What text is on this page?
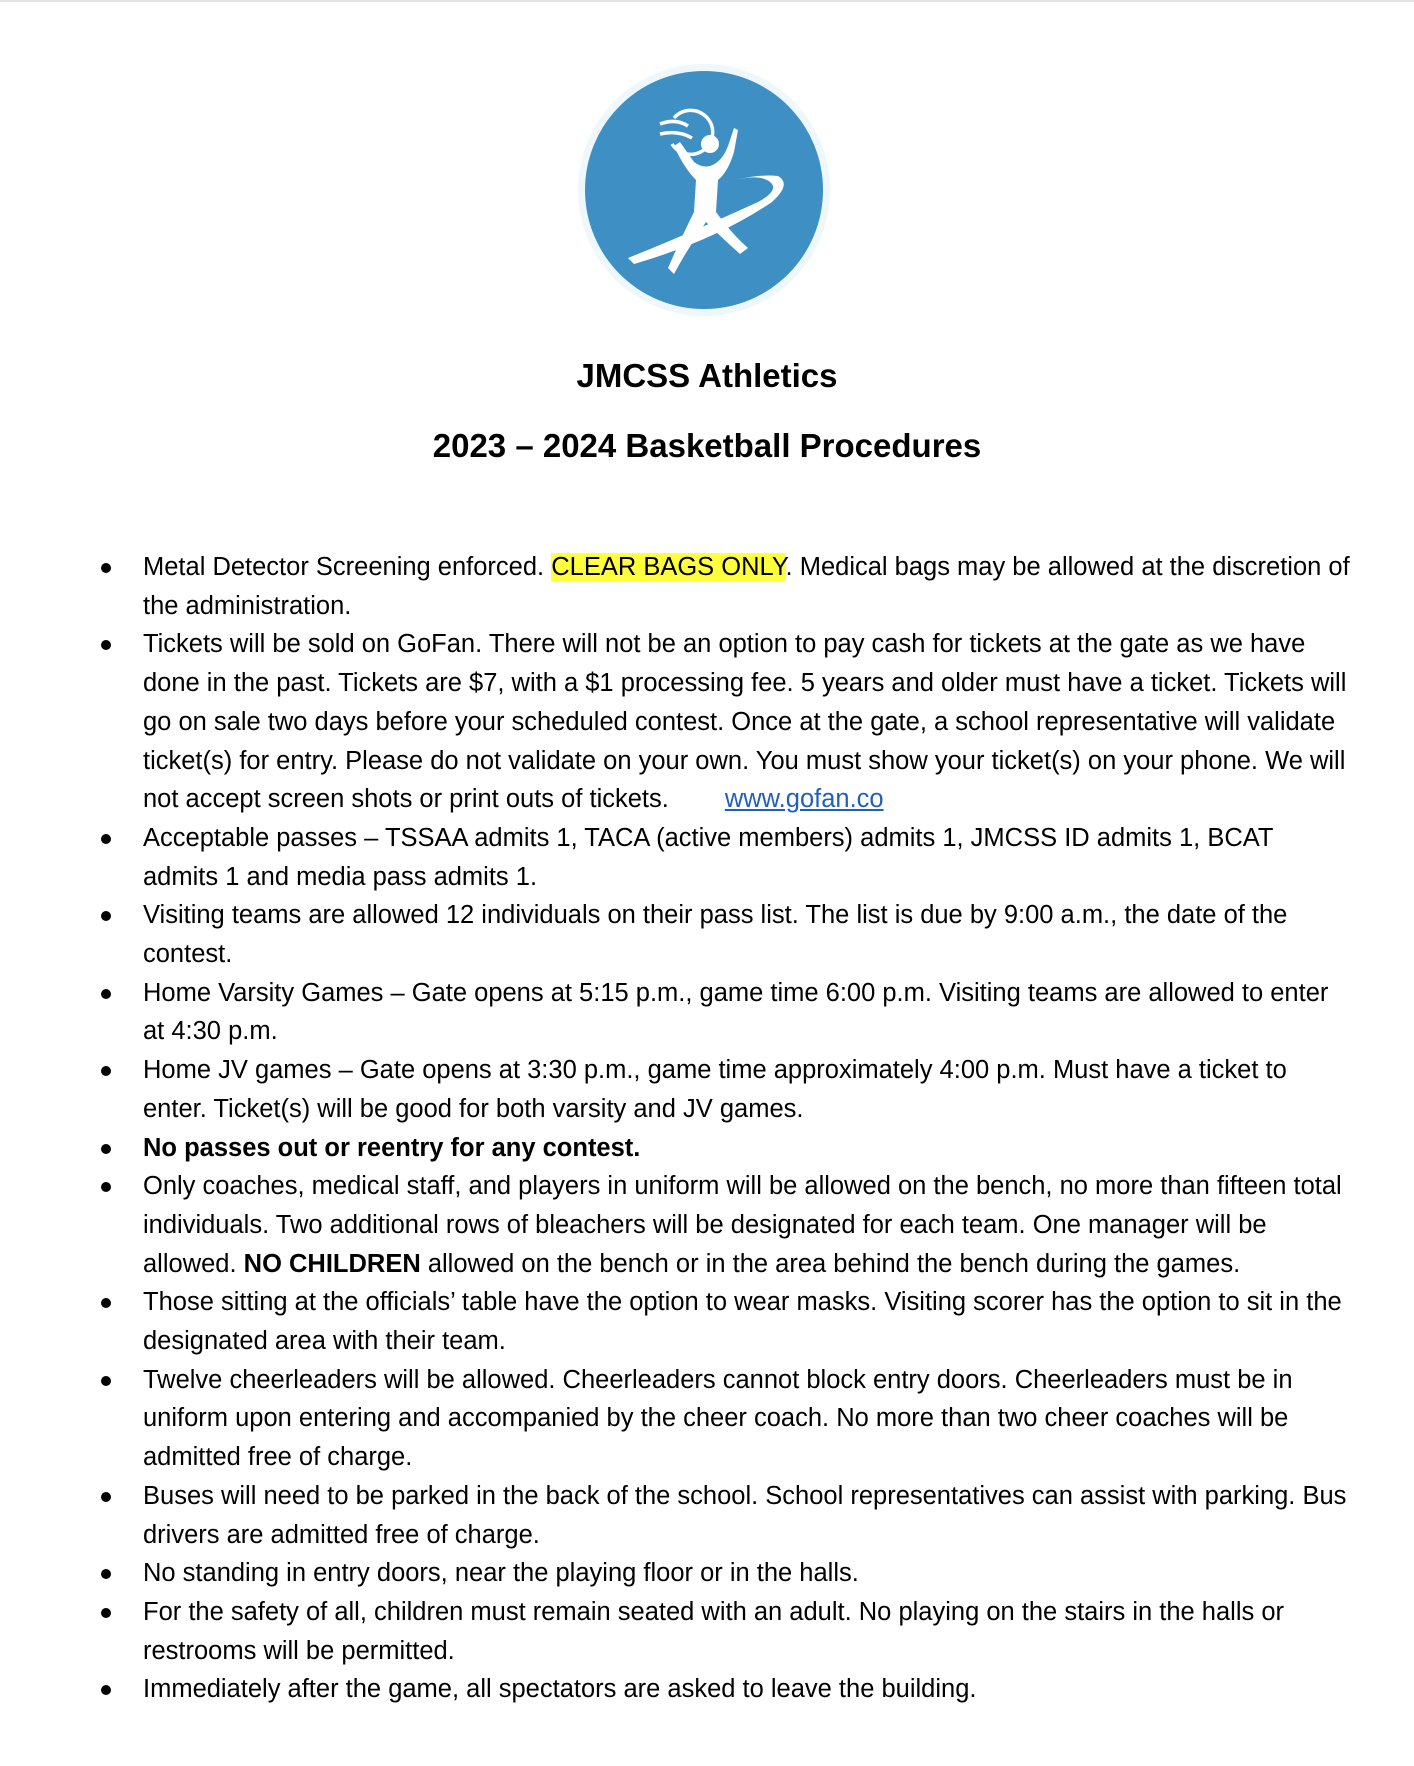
JMCSS Athletics
2023 – 2024 Basketball Procedures
Metal Detector Screening enforced. CLEAR BAGS ONLY. Medical bags may be allowed at the discretion of the administration.
Tickets will be sold on GoFan. There will not be an option to pay cash for tickets at the gate as we have done in the past. Tickets are $7, with a $1 processing fee. 5 years and older must have a ticket. Tickets will go on sale two days before your scheduled contest. Once at the gate, a school representative will validate ticket(s) for entry. Please do not validate on your own. You must show your ticket(s) on your phone. We will not accept screen shots or print outs of tickets. www.gofan.co
Acceptable passes – TSSAA admits 1, TACA (active members) admits 1, JMCSS ID admits 1, BCAT admits 1 and media pass admits 1.
Visiting teams are allowed 12 individuals on their pass list. The list is due by 9:00 a.m., the date of the contest.
Home Varsity Games – Gate opens at 5:15 p.m., game time 6:00 p.m. Visiting teams are allowed to enter at 4:30 p.m.
Home JV games – Gate opens at 3:30 p.m., game time approximately 4:00 p.m. Must have a ticket to enter. Ticket(s) will be good for both varsity and JV games.
No passes out or reentry for any contest.
Only coaches, medical staff, and players in uniform will be allowed on the bench, no more than fifteen total individuals. Two additional rows of bleachers will be designated for each team. One manager will be allowed. NO CHILDREN allowed on the bench or in the area behind the bench during the games.
Those sitting at the officials’ table have the option to wear masks. Visiting scorer has the option to sit in the designated area with their team.
Twelve cheerleaders will be allowed. Cheerleaders cannot block entry doors. Cheerleaders must be in uniform upon entering and accompanied by the cheer coach. No more than two cheer coaches will be admitted free of charge.
Buses will need to be parked in the back of the school. School representatives can assist with parking. Bus drivers are admitted free of charge.
No standing in entry doors, near the playing floor or in the halls.
For the safety of all, children must remain seated with an adult. No playing on the stairs in the halls or restrooms will be permitted.
Immediately after the game, all spectators are asked to leave the building.
